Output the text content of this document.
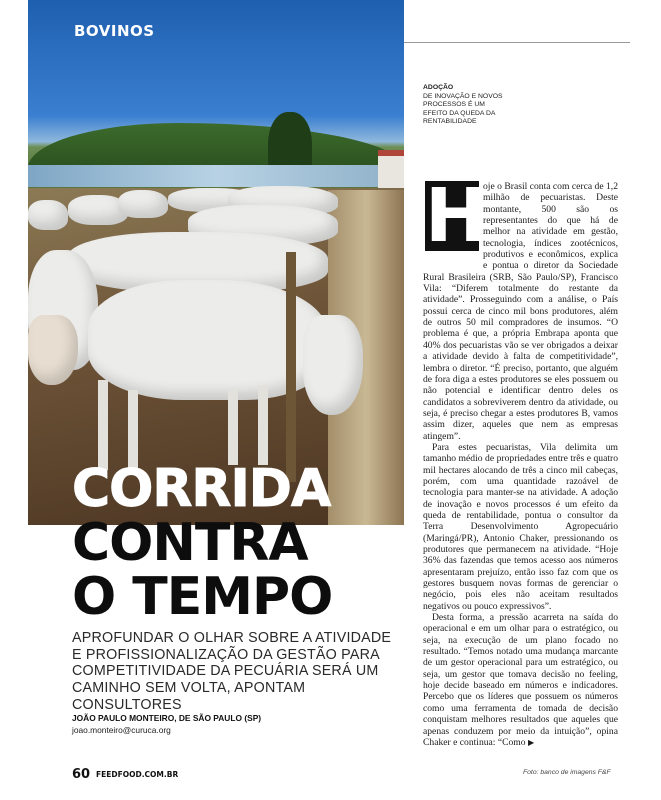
BOVINOS
ADOÇÃO
DE INOVAÇÃO E NOVOS PROCESSOS É UM EFEITO DA QUEDA DA RENTABILIDADE

oje o Brasil conta com cerca de 1,2 milhão de pecuaristas. Deste montante, 500 são os representantes do que há de melhor na atividade em gestão, tecnologia, índices zootécnicos, produtivos e econômicos, explica e pontua o diretor da Sociedade Rural Brasileira (SRB, São Paulo/SP), Francisco Vila: “Diferem totalmente do restante da atividade”. Prosseguindo com a análise, o País possui cerca de cinco mil bons produtores, além de outros 50 mil compradores de insumos. “O problema é que, a própria Embrapa aponta que 40% dos pecuaristas vão se ver obrigados a deixar a atividade devido à falta de competitividade”, lembra o diretor. “É preciso, portanto, que alguém de fora diga a estes produtores se eles possuem ou não potencial e identificar dentro deles os candidatos a sobreviverem dentro da atividade, ou seja, é preciso chegar a estes produtores B, vamos assim dizer, aqueles que nem as empresas atingem”.

Para estes pecuaristas, Vila delimita um tamanho médio de propriedades entre três e quatro mil hectares alocando de três a cinco mil cabeças, porém, com uma quantidade razoável de tecnologia para manter-se na atividade. A adoção de inovação e novos processos é um efeito da queda de rentabilidade, pontua o consultor da Terra Desenvolvimento Agropecuário (Maringá/PR), Antonio Chaker, pressionando os produtores que permanecem na atividade. “Hoje 36% das fazendas que temos acesso aos números apresentaram prejuízo, então isso faz com que os gestores busquem novas formas de gerenciar o negócio, pois eles não aceitam resultados negativos ou pouco expressivos”.

Desta forma, a pressão acarreta na saída do operacional e em um olhar para o estratégico, ou seja, na execução de um plano focado no resultado. “Temos notado uma mudança marcante de um gestor operacional para um estratégico, ou seja, um gestor que tomava decisão no feeling, hoje decide baseado em números e indicadores. Percebo que os líderes que possuem os números como uma ferramenta de tomada de decisão conquistam melhores resultados que aqueles que apenas conduzem por meio da intuição”, opina Chaker e continua: “Como ▶

H
CORRIDA
CONTRA
O TEMPO
APROFUNDAR O OLHAR SOBRE A ATIVIDADE E PROFISSIONALIZAÇÃO DA GESTÃO PARA COMPETITIVIDADE DA PECUÁRIA SERÁ UM CAMINHO SEM VOLTA, APONTAM CONSULTORES
JOÃO PAULO MONTEIRO, DE SÃO PAULO (SP)
joao.monteiro@curuca.org
60 FEEDFOOD.COM.BR	Foto: banco de imagens F&F
